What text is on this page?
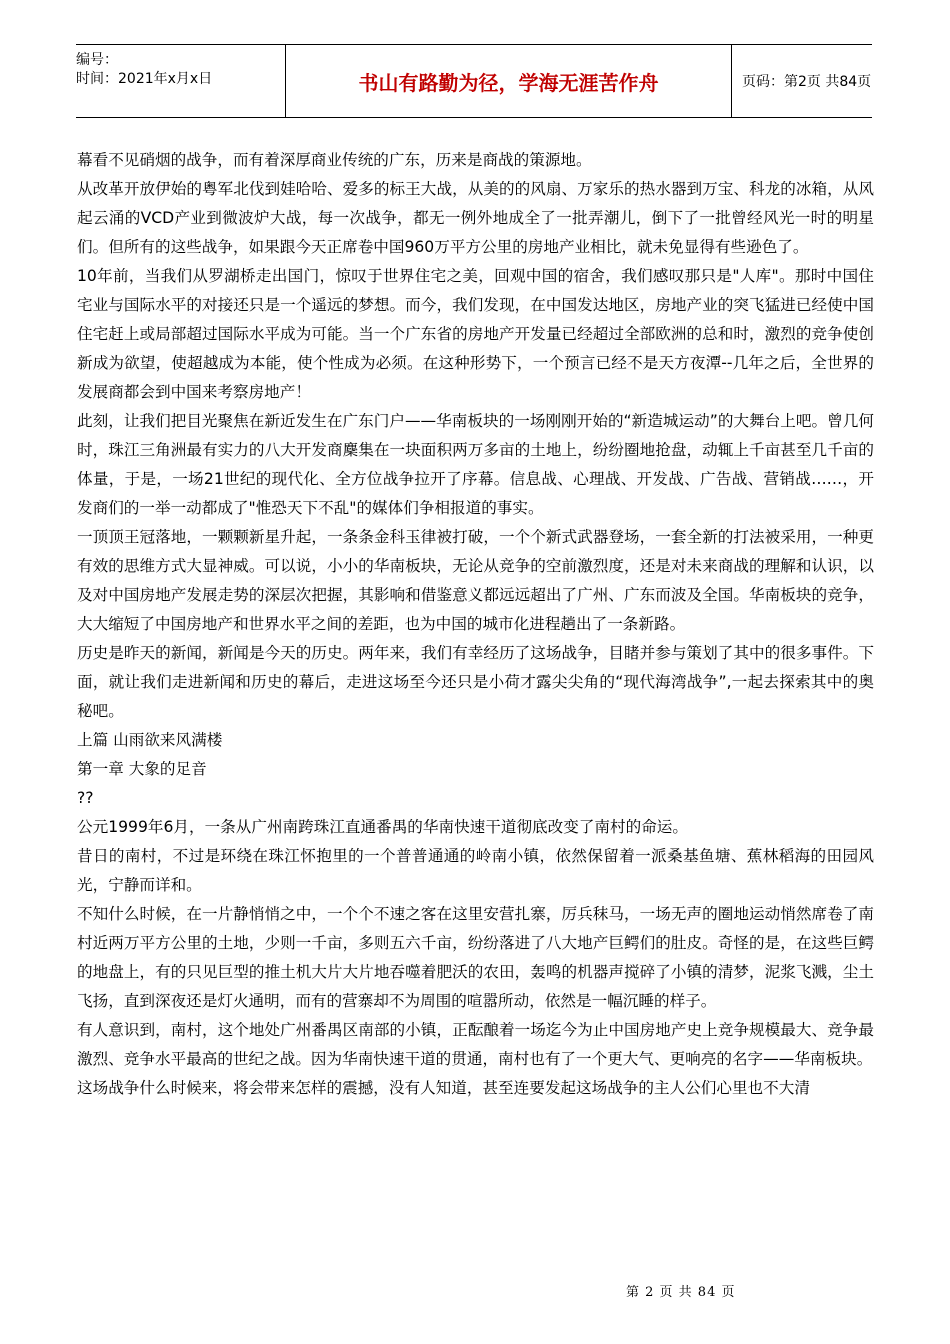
编号：
时间：2021年x月x日	书山有路勤为径，学海无涯苦作舟	页码：第2页 共84页

幕看不见硝烟的战争，而有着深厚商业传统的广东，历来是商战的策源地。

从改革开放伊始的粤军北伐到娃哈哈、爱多的标王大战，从美的的风扇、万家乐的热水器到万宝、科龙的冰箱，从风起云涌的VCD产业到微波炉大战，每一次战争，都无一例外地成全了一批弄潮儿，倒下了一批曾经风光一时的明星们。但所有的这些战争，如果跟今天正席卷中国960万平方公里的房地产业相比，就未免显得有些逊色了。

10年前，当我们从罗湖桥走出国门，惊叹于世界住宅之美，回观中国的宿舍，我们感叹那只是"人库"。那时中国住宅业与国际水平的对接还只是一个遥远的梦想。而今，我们发现，在中国发达地区，房地产业的突飞猛进已经使中国住宅赶上或局部超过国际水平成为可能。当一个广东省的房地产开发量已经超过全部欧洲的总和时，激烈的竞争使创新成为欲望，使超越成为本能，使个性成为必须。在这种形势下，一个预言已经不是天方夜潭--几年之后，全世界的发展商都会到中国来考察房地产！

此刻，让我们把目光聚焦在新近发生在广东门户——华南板块的一场刚刚开始的“新造城运动”的大舞台上吧。曾几何时，珠江三角洲最有实力的八大开发商麇集在一块面积两万多亩的土地上，纷纷圈地抢盘，动辄上千亩甚至几千亩的体量，于是，一场21世纪的现代化、全方位战争拉开了序幕。信息战、心理战、开发战、广告战、营销战……，开发商们的一举一动都成了"惟恐天下不乱"的媒体们争相报道的事实。

一顶顶王冠落地，一颗颗新星升起，一条条金科玉律被打破，一个个新式武器登场，一套全新的打法被采用，一种更有效的思维方式大显神威。可以说，小小的华南板块，无论从竞争的空前激烈度，还是对未来商战的理解和认识，以及对中国房地产发展走势的深层次把握，其影响和借鉴意义都远远超出了广州、广东而波及全国。华南板块的竞争，大大缩短了中国房地产和世界水平之间的差距，也为中国的城市化进程趟出了一条新路。

历史是昨天的新闻，新闻是今天的历史。两年来，我们有幸经历了这场战争，目睹并参与策划了其中的很多事件。下面，就让我们走进新闻和历史的幕后，走进这场至今还只是小荷才露尖尖角的“现代海湾战争”,一起去探索其中的奥秘吧。

上篇 山雨欲来风满楼

第一章 大象的足音

??

公元1999年6月，一条从广州南跨珠江直通番禺的华南快速干道彻底改变了南村的命运。

昔日的南村，不过是环绕在珠江怀抱里的一个普普通通的岭南小镇，依然保留着一派桑基鱼塘、蕉林稻海的田园风光，宁静而详和。

不知什么时候，在一片静悄悄之中，一个个不速之客在这里安营扎寨，厉兵秣马，一场无声的圈地运动悄然席卷了南村近两万平方公里的土地，少则一千亩，多则五六千亩，纷纷落进了八大地产巨鳄们的肚皮。奇怪的是，在这些巨鳄的地盘上，有的只见巨型的推土机大片大片地吞噬着肥沃的农田，轰鸣的机器声搅碎了小镇的清梦，泥浆飞溅，尘土飞扬，直到深夜还是灯火通明，而有的营寨却不为周围的喧嚣所动，依然是一幅沉睡的样子。

有人意识到，南村，这个地处广州番禺区南部的小镇，正酝酿着一场迄今为止中国房地产史上竞争规模最大、竞争最激烈、竞争水平最高的世纪之战。因为华南快速干道的贯通，南村也有了一个更大气、更响亮的名字——华南板块。

这场战争什么时候来，将会带来怎样的震撼，没有人知道，甚至连要发起这场战争的主人公们心里也不大清

第 2 页 共 84 页
